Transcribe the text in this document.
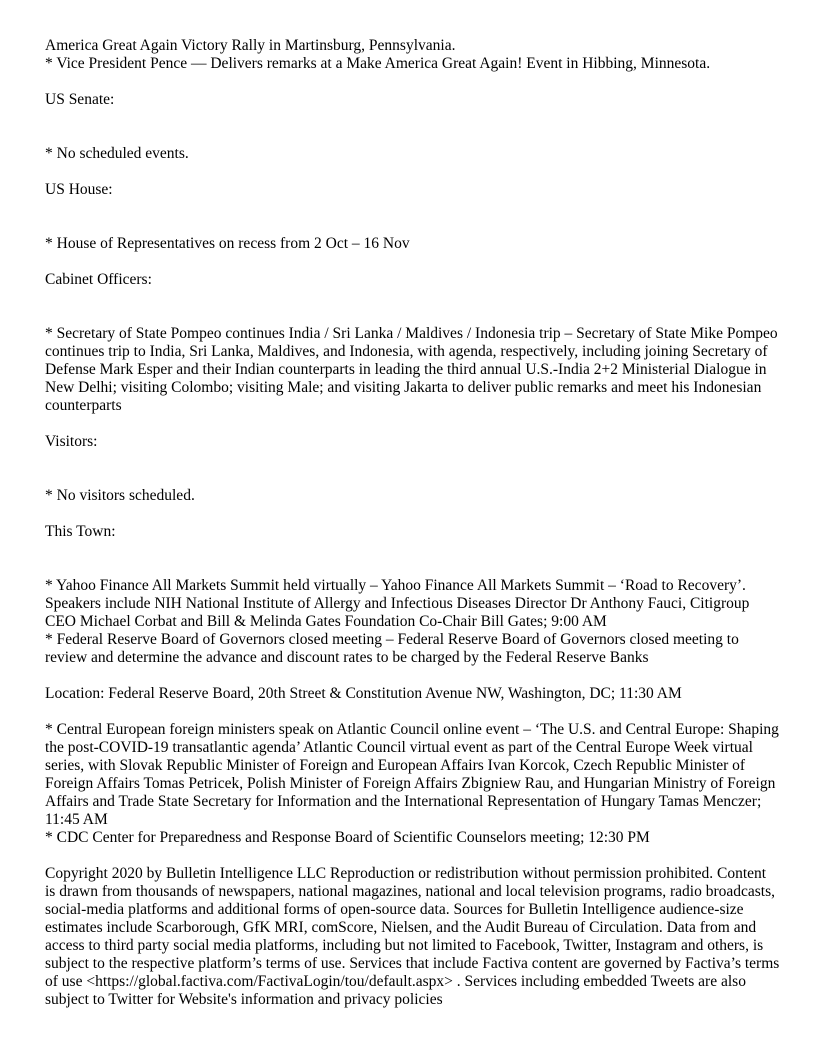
America Great Again Victory Rally in Martinsburg, Pennsylvania.
* Vice President Pence — Delivers remarks at a Make America Great Again! Event in Hibbing, Minnesota.
US Senate:
* No scheduled events.
US House:
* House of Representatives on recess from 2 Oct – 16 Nov
Cabinet Officers:
* Secretary of State Pompeo continues India / Sri Lanka / Maldives / Indonesia trip – Secretary of State Mike Pompeo continues trip to India, Sri Lanka, Maldives, and Indonesia, with agenda, respectively, including joining Secretary of Defense Mark Esper and their Indian counterparts in leading the third annual U.S.-India 2+2 Ministerial Dialogue in New Delhi; visiting Colombo; visiting Male; and visiting Jakarta to deliver public remarks and meet his Indonesian counterparts
Visitors:
* No visitors scheduled.
This Town:
* Yahoo Finance All Markets Summit held virtually – Yahoo Finance All Markets Summit – ‘Road to Recovery’. Speakers include NIH National Institute of Allergy and Infectious Diseases Director Dr Anthony Fauci, Citigroup CEO Michael Corbat and Bill & Melinda Gates Foundation Co-Chair Bill Gates; 9:00 AM
* Federal Reserve Board of Governors closed meeting – Federal Reserve Board of Governors closed meeting to review and determine the advance and discount rates to be charged by the Federal Reserve Banks
Location: Federal Reserve Board, 20th Street & Constitution Avenue NW, Washington, DC; 11:30 AM
* Central European foreign ministers speak on Atlantic Council online event – ‘The U.S. and Central Europe: Shaping the post-COVID-19 transatlantic agenda’ Atlantic Council virtual event as part of the Central Europe Week virtual series, with Slovak Republic Minister of Foreign and European Affairs Ivan Korcok, Czech Republic Minister of Foreign Affairs Tomas Petricek, Polish Minister of Foreign Affairs Zbigniew Rau, and Hungarian Ministry of Foreign Affairs and Trade State Secretary for Information and the International Representation of Hungary Tamas Menczer; 11:45 AM
* CDC Center for Preparedness and Response Board of Scientific Counselors meeting; 12:30 PM
Copyright 2020 by Bulletin Intelligence LLC Reproduction or redistribution without permission prohibited. Content is drawn from thousands of newspapers, national magazines, national and local television programs, radio broadcasts, social-media platforms and additional forms of open-source data. Sources for Bulletin Intelligence audience-size estimates include Scarborough, GfK MRI, comScore, Nielsen, and the Audit Bureau of Circulation. Data from and access to third party social media platforms, including but not limited to Facebook, Twitter, Instagram and others, is subject to the respective platform’s terms of use. Services that include Factiva content are governed by Factiva’s terms of use <https://global.factiva.com/FactivaLogin/tou/default.aspx> . Services including embedded Tweets are also subject to Twitter for Website's information and privacy policies
